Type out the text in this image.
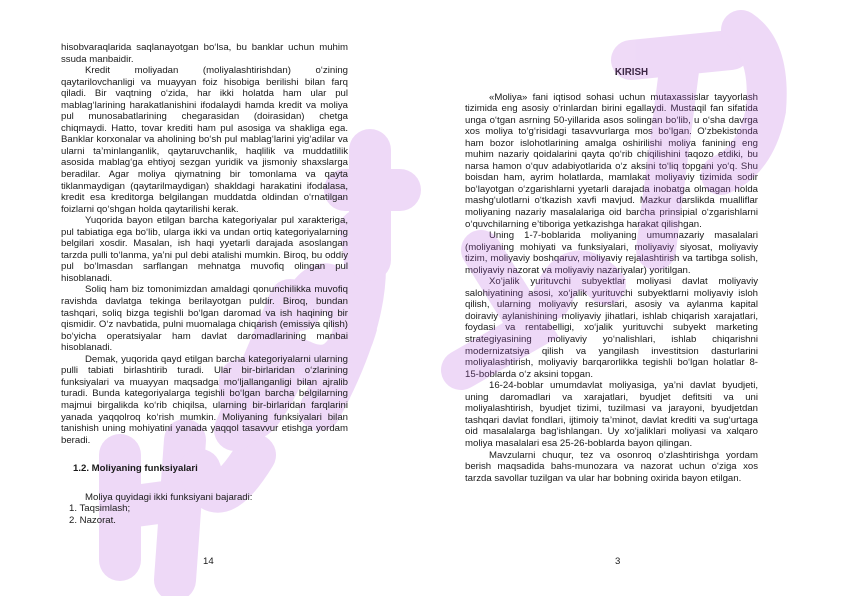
hisobvaraqlarida saqlanayotgan bo‘lsa, bu banklar uchun muhim ssuda manbaidir.

Kredit moliyadan (moliyalashtirishdan) o‘zining qaytarilovchanligi va muayyan foiz hisobiga berilishi bilan farq qiladi. Bir vaqtning o‘zida, har ikki holatda ham ular pul mablag‘larining harakatlanishini ifodalaydi hamda kredit va moliya pul munosabatlarining chegarasidan (doirasidan) chetga chiqmaydi. Hatto, tovar krediti ham pul asosiga va shakliga ega. Banklar korxonalar va aholining bo‘sh pul mablag‘larini yig‘adilar va ularni ta’minlanganlik, qaytaruvchanlik, haqlilik va muddatlilik asosida mablag‘ga ehtiyoj sezgan yuridik va jismoniy shaxslarga beradilar. Agar moliya qiymatning bir tomonlama va qayta tiklanmaydigan (qaytarilmaydigan) shakldagi harakatini ifodalasa, kredit esa kreditorga belgilangan muddatda oldindan o‘rnatilgan foizlarni qo‘shgan holda qaytarilishi kerak.

Yuqorida bayon etilgan barcha kategoriyalar pul xarakteriga, pul tabiatiga ega bo‘lib, ularga ikki va undan ortiq kategoriyalarning belgilari xosdir. Masalan, ish haqi yyetarli darajada asoslangan tarzda pulli to‘lanma, ya’ni pul debi atalishi mumkin. Biroq, bu oddiy pul bo‘lmasdan sarflangan mehnatga muvofiq olingan pul hisoblanadi.

Soliq ham biz tomonimizdan amaldagi qonunchilikka muvofiq ravishda davlatga tekinga berilayotgan puldir. Biroq, bundan tashqari, soliq bizga tegishli bo‘lgan daromad va ish haqining bir qismidir. O‘z navbatida, pulni muomalaga chiqarish (emissiya qilish) bo‘yicha operatsiyalar ham davlat daromadlarining manbai hisoblanadi.

Demak, yuqorida qayd etilgan barcha kategoriyalarni ularning pulli tabiati birlashtirib turadi. Ular bir-birlaridan o‘zlarining funksiyalari va muayyan maqsadga mo‘ljallanganligi bilan ajralib turadi. Bunda kategoriyalarga tegishli bo‘lgan barcha belgilarning majmui birgalikda ko‘rib chiqilsa, ularning bir-birlaridan farqlarini yanada yaqqolroq ko‘rish mumkin. Moliyaning funksiyalari bilan tanishish uning mohiyatini yanada yaqqol tasavvur etishga yordam beradi.

1.2. Moliyaning funksiyalari

Moliya quyidagi ikki funksiyani bajaradi:

1. Taqsimlash;

2. Nazorat.

14

KIRISH

«Moliya» fani iqtisod sohasi uchun mutaxassislar tayyorlash tizimida eng asosiy o‘rinlardan birini egallaydi. Mustaqil fan sifatida unga o‘tgan asrning 50-yillarida asos solingan bo‘lib, u o‘sha davrga xos moliya to‘g‘risidagi tasavvurlarga mos bo‘lgan. O‘zbekistonda ham bozor islohotlarining amalga oshirilishi moliya fanining eng muhim nazariy qoidalarini qayta qo‘rib chiqilishini taqozo etdiki, bu narsa hamon o‘quv adabiyotlarida o‘z aksini to‘liq topgani yo‘q. Shu boisdan ham, ayrim holatlarda, mamlakat moliyaviy tizimida sodir bo‘layotgan o‘zgarishlarni yyetarli darajada inobatga olmagan holda mashg‘ulotlarni o‘tkazish xavfi mavjud. Mazkur darslikda mualliflar moliyaning nazariy masalalariga oid barcha prinsipial o‘zgarishlarni o‘quvchilarning e’tiboriga yetkazishga harakat qilishgan.

Uning 1-7-boblarida moliyaning umumnazariy masalalari (moliyaning mohiyati va funksiyalari, moliyaviy siyosat, moliyaviy tizim, moliyaviy boshqaruv, moliyaviy rejalashtirish va tartibga solish, moliyaviy nazorat va moliyaviy nazariyalar) yoritilgan.

Xo‘jalik yurituvchi subyektlar moliyasi davlat moliyaviy salohiyatining asosi, xo‘jalik yurituvchi subyektlarni moliyaviy isloh qilish, ularning moliyaviy resurslari, asosiy va aylanma kapital doiraviy aylanishining moliyaviy jihatlari, ishlab chiqarish xarajatlari, foydasi va rentabelligi, xo‘jalik yurituvchi subyekt marketing strategiyasining moliyaviy yo‘nalishlari, ishlab chiqarishni modernizatsiya qilish va yangilash investitsion dasturlarini moliyalashtirish, moliyaviy barqarorlikka tegishli bo‘lgan holatlar 8-15-boblarda o‘z aksini topgan.

16-24-boblar umumdavlat moliyasiga, ya’ni davlat byudjeti, uning daromadlari va xarajatlari, byudjet defitsiti va uni moliyalashtirish, byudjet tizimi, tuzilmasi va jarayoni, byudjetdan tashqari davlat fondlari, ijtimoiy ta’minot, davlat krediti va sug‘urtaga oid masalalarga bag‘ishlangan. Uy xo‘jaliklari moliyasi va xalqaro moliya masalalari esa 25-26-boblarda bayon qilingan.

Mavzularni chuqur, tez va osonroq o‘zlashtirishga yordam berish maqsadida bahs-munozara va nazorat uchun o‘ziga xos tarzda savollar tuzilgan va ular har bobning oxirida bayon etilgan.

3
